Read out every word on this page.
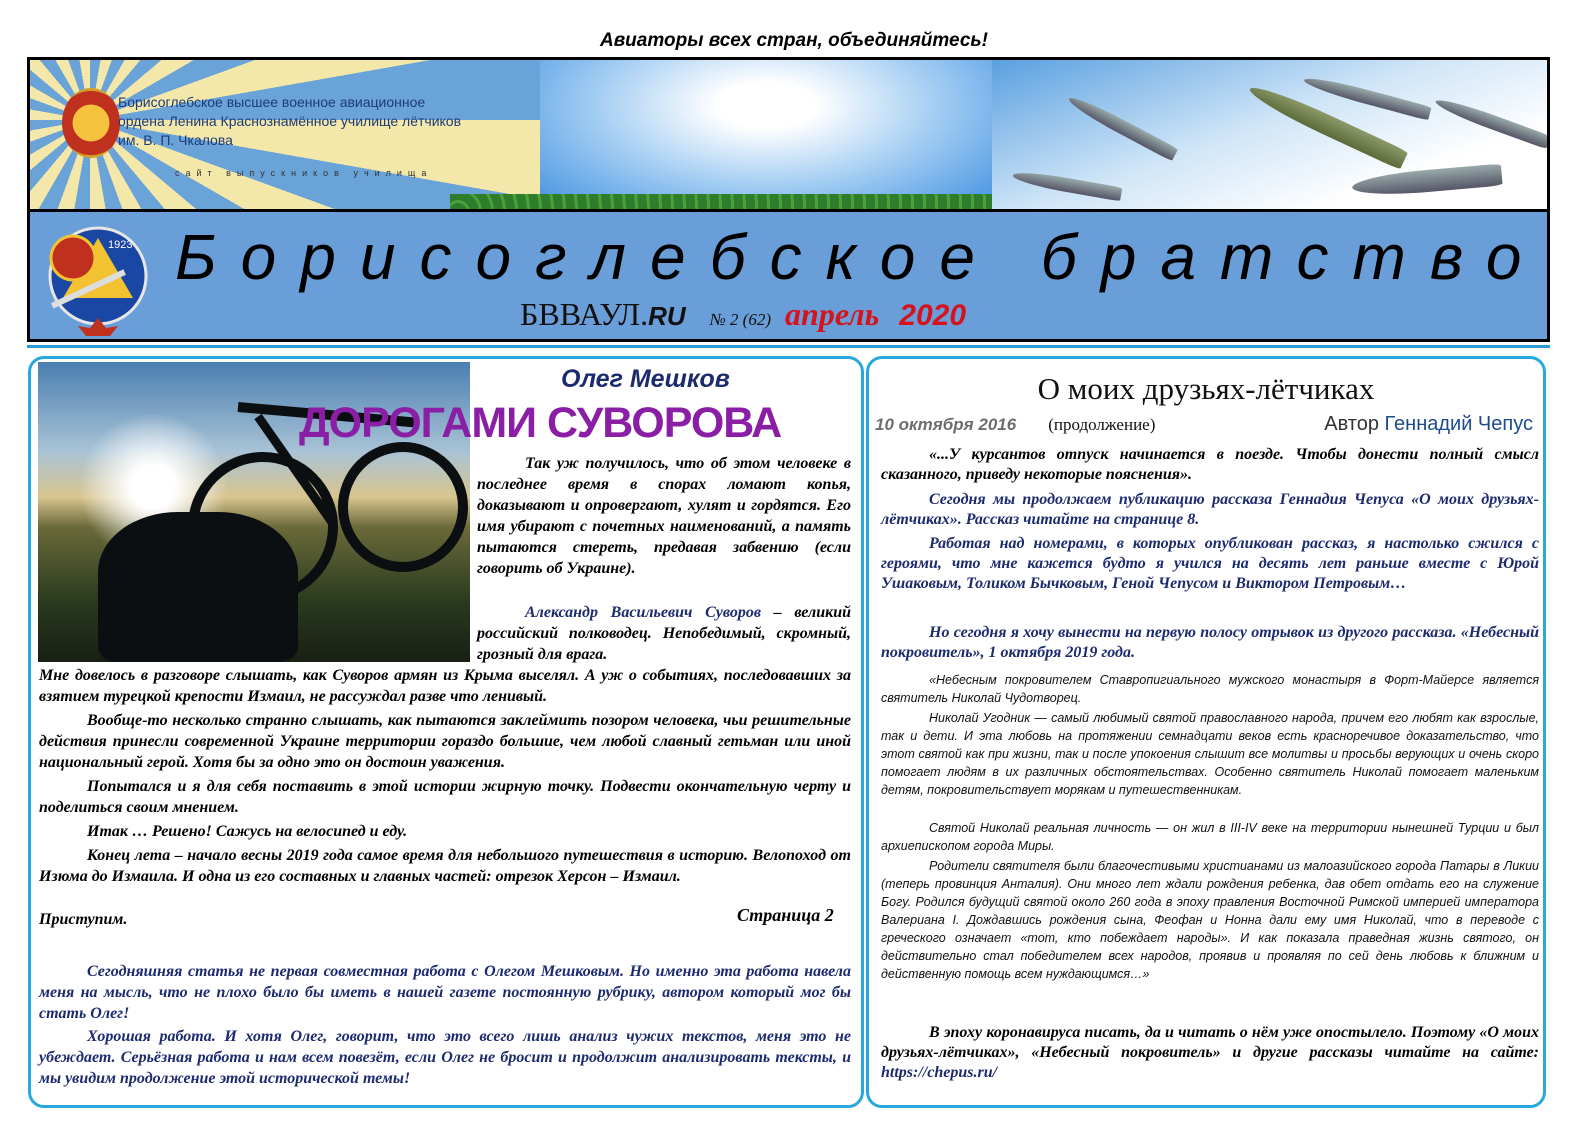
Авиаторы всех стран, объединяйтесь!
Борисоглебское высшее военное авиационное
ордена Ленина Краснознамённое училище лётчиков
им. В. П. Чкалова
сайт выпускников училища
1923 Борисоглебское братство
БВВАУЛ.RU № 2 (62) апрель 2020
Олег Мешков
ДОРОГАМИ СУВОРОВА
Так уж получилось, что об этом человеке в последнее время в спорах ломают копья, доказывают и опровергают, хулят и гордятся. Его имя убирают с почетных наименований, а память пытаются стереть, предавая забвению (если говорить об Украине).
Александр Васильевич Суворов – великий российский полководец. Непобедимый, скромный, грозный для врага.
Мне довелось в разговоре слышать, как Суворов армян из Крыма выселял. А уж о событиях, последовавших за взятием турецкой крепости Измаил, не рассуждал разве что ленивый.
Вообще-то несколько странно слышать, как пытаются заклеймить позором человека, чьи решительные действия принесли современной Украине территории гораздо большие, чем любой славный гетьман или иной национальный герой. Хотя бы за одно это он достоин уважения.
Попытался и я для себя поставить в этой истории жирную точку. Подвести окончательную черту и поделиться своим мнением.
Итак … Решено! Сажусь на велосипед и еду.
Конец лета – начало весны 2019 года самое время для небольшого путешествия в историю. Велопоход от Изюма до Измаила. И одна из его составных и главных частей: отрезок Херсон – Измаил.
Приступим.	Страница 2
Сегодняшняя статья не первая совместная работа с Олегом Мешковым. Но именно эта работа навела меня на мысль, что не плохо было бы иметь в нашей газете постоянную рубрику, автором который мог бы стать Олег!
Хорошая работа. И хотя Олег, говорит, что это всего лишь анализ чужих текстов, меня это не убеждает. Серьёзная работа и нам всем повезёт, если Олег не бросит и продолжит анализировать тексты, и мы увидим продолжение этой исторической темы!
О моих друзьях-лётчиках
10 октября 2016 (продолжение)	Автор Геннадий Чепус
«...У курсантов отпуск начинается в поезде. Чтобы донести полный смысл сказанного, приведу некоторые пояснения».
Сегодня мы продолжаем публикацию рассказа Геннадия Чепуса «О моих друзьях-лётчиках». Рассказ читайте на странице 8.
Работая над номерами, в которых опубликован рассказ, я настолько сжился с героями, что мне кажется будто я учился на десять лет раньше вместе с Юрой Ушаковым, Толиком Бычковым, Геной Чепусом и Виктором Петровым…
Но сегодня я хочу вынести на первую полосу отрывок из другого рассказа. «Небесный покровитель», 1 октября 2019 года.
«Небесным покровителем Ставропигиального мужского монастыря в Форт-Майерсе является святитель Николай Чудотворец.
Николай Угодник — самый любимый святой православного народа, причем его любят как взрослые, так и дети. И эта любовь на протяжении семнадцати веков есть красноречивое доказательство, что этот святой как при жизни, так и после упокоения слышит все молитвы и просьбы верующих и очень скоро помогает людям в их различных обстоятельствах. Особенно святитель Николай помогает маленьким детям, покровительствует морякам и путешественникам.
Святой Николай реальная личность — он жил в III-IV веке на территории нынешней Турции и был архиепископом города Миры.
Родители святителя были благочестивыми христианами из малоазийского города Патары в Ликии (теперь провинция Анталия). Они много лет ждали рождения ребенка, дав обет отдать его на служение Богу. Родился будущий святой около 260 года в эпоху правления Восточной Римской империей императора Валериана I. Дождавшись рождения сына, Феофан и Нонна дали ему имя Николай, что в переводе с греческого означает «тот, кто побеждает народы». И как показала праведная жизнь святого, он действительно стал победителем всех народов, проявив и проявляя по сей день любовь к ближним и действенную помощь всем нуждающимся…»
В эпоху коронавируса писать, да и читать о нём уже опостылело. Поэтому «О моих друзьях-лётчиках», «Небесный покровитель» и другие рассказы читайте на сайте: https://chepus.ru/
